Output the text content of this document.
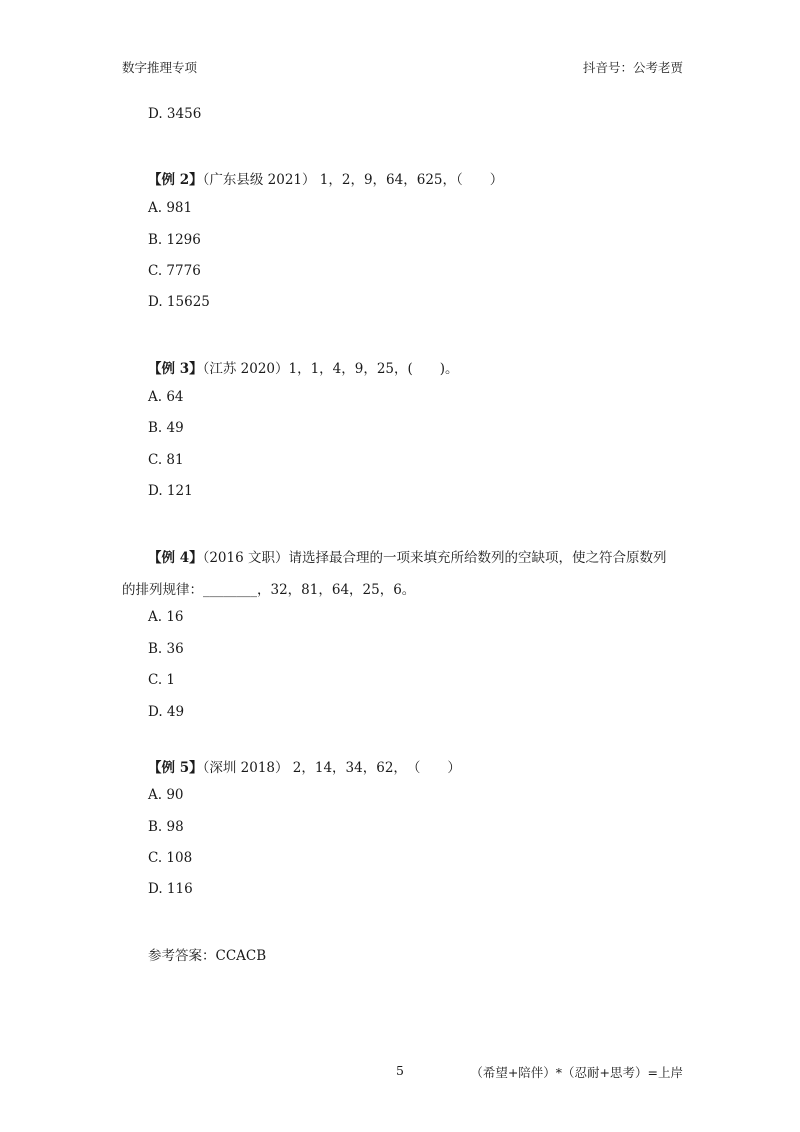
数字推理专项	抖音号：公考老贾
D. 3456
【例 2】（广东县级 2021） 1，2，9，64，625，（　　）
A. 981
B. 1296
C. 7776
D. 15625
【例 3】（江苏 2020）1，1，4，9，25，(　　)。
A. 64
B. 49
C. 81
D. 121
【例 4】（2016 文职）请选择最合理的一项来填充所给数列的空缺项，使之符合原数列
的排列规律：________，32，81，64，25，6。
A. 16
B. 36
C. 1
D. 49
【例 5】（深圳 2018） 2，14，34，62，　（　　）
A. 90
B. 98
C. 108
D. 116
参考答案：CCACB
5	（希望+陪伴）*（忍耐+思考）=上岸
